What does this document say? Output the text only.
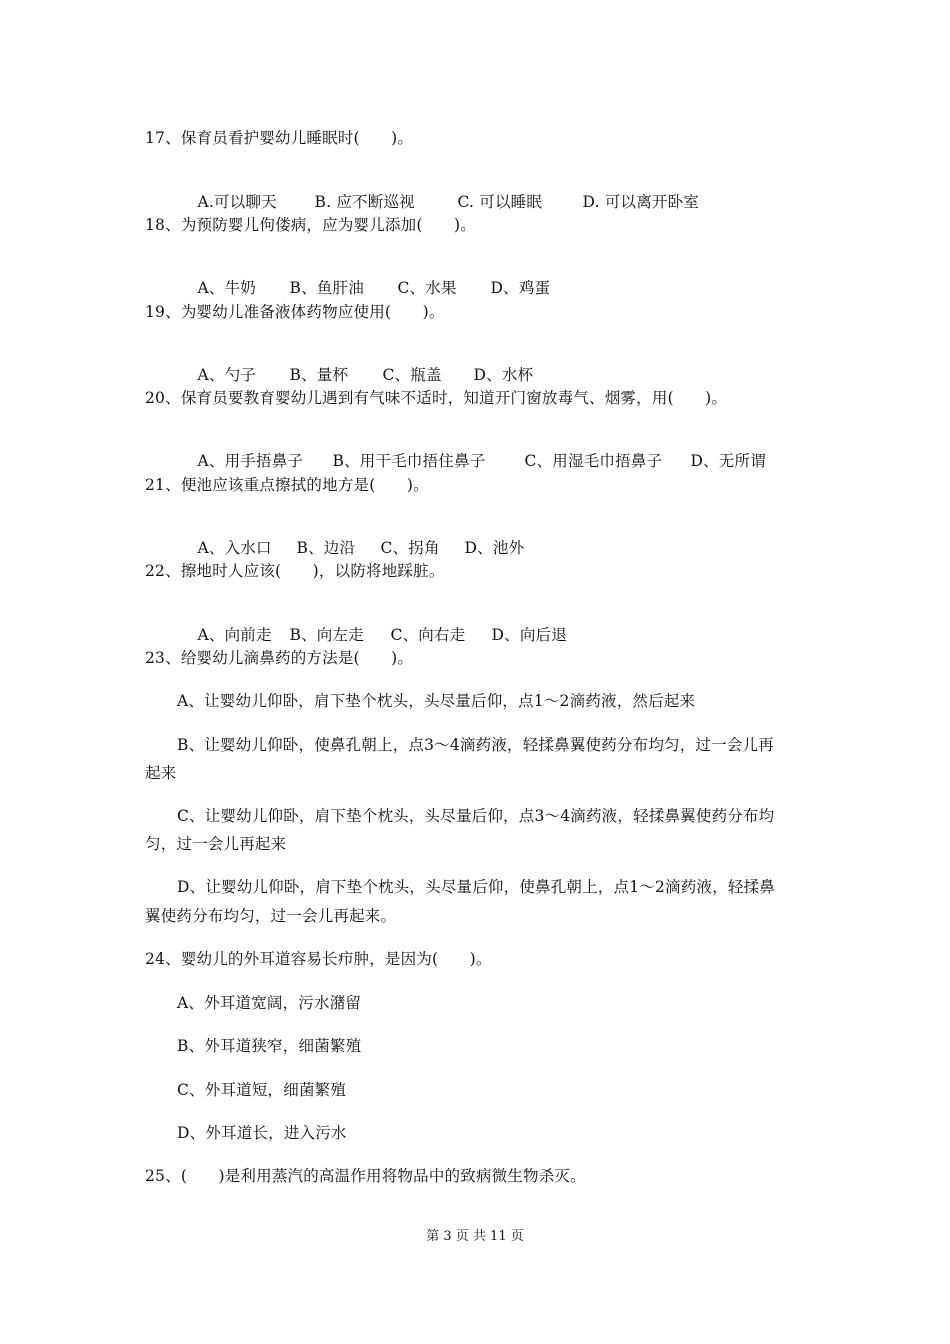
17、保育员看护婴幼儿睡眠时(　　)。

A.可以聊天 B. 应不断巡视	C. 可以睡眠	D. 可以离开卧室

18、为预防婴儿佝偻病，应为婴儿添加(　　)。

A、牛奶 B、鱼肝油 C、水果 D、鸡蛋

19、为婴幼儿准备液体药物应使用(　　)。

A、勺子 B、量杯 C、瓶盖 D、水杯

20、保育员要教育婴幼儿遇到有气味不适时，知道开门窗放毒气、烟雾，用(　　)。

A、用手捂鼻子 B、用干毛巾捂住鼻子	C、用湿毛巾捂鼻子 D、无所谓

21、便池应该重点擦拭的地方是(　　)。

A、入水口 B、边沿 C、拐角 D、池外

22、擦地时人应该(　　)，以防将地踩脏。

A、向前走 B、向左走 C、向右走 D、向后退

23、给婴幼儿滴鼻药的方法是(　　)。
A、让婴幼儿仰卧，肩下垫个枕头，头尽量后仰，点1～2滴药液，然后起来
B、让婴幼儿仰卧，使鼻孔朝上，点3～4滴药液，轻揉鼻翼使药分布均匀，过一会儿再
起来
C、让婴幼儿仰卧，肩下垫个枕头，头尽量后仰，点3～4滴药液，轻揉鼻翼使药分布均
匀，过一会儿再起来
D、让婴幼儿仰卧，肩下垫个枕头，头尽量后仰，使鼻孔朝上，点1～2滴药液，轻揉鼻
翼使药分布均匀，过一会儿再起来。
24、婴幼儿的外耳道容易长疖肿，是因为(　　)。
A、外耳道宽阔，污水潴留
B、外耳道狭窄，细菌繁殖
C、外耳道短，细菌繁殖
D、外耳道长，进入污水
25、(　　)是利用蒸汽的高温作用将物品中的致病微生物杀灭。
第 3 页 共 11 页
